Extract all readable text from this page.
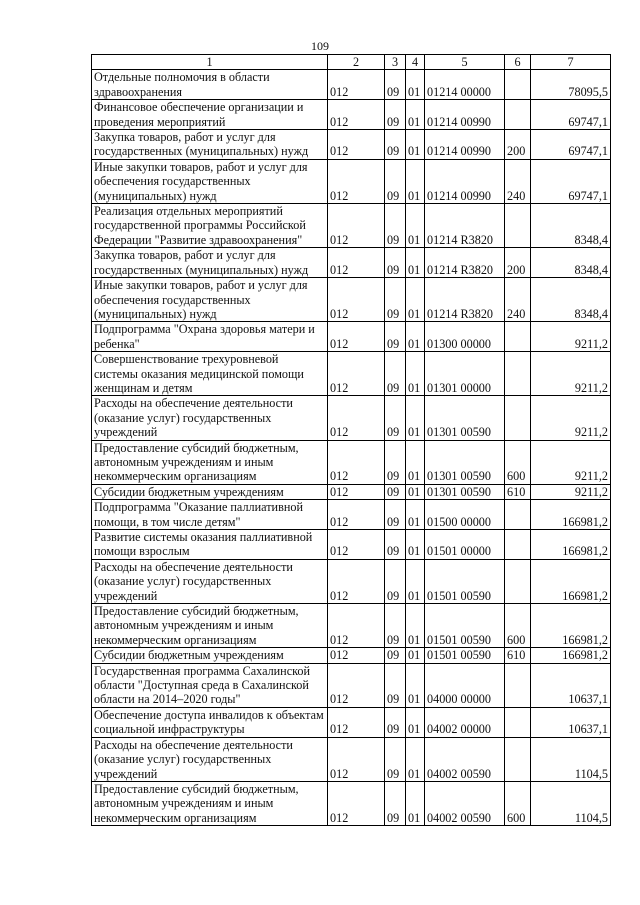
109
1	2	3	4	5	6	7
Отдельные полномочия в области здравоохранения	012	09	01	01214 00000		78095,5
Финансовое обеспечение организации и проведения мероприятий	012	09	01	01214 00990		69747,1
Закупка товаров, работ и услуг для государственных (муниципальных) нужд	012	09	01	01214 00990	200	69747,1
Иные закупки товаров, работ и услуг для обеспечения государственных (муниципальных) нужд	012	09	01	01214 00990	240	69747,1
Реализация отдельных мероприятий государственной программы Российской Федерации "Развитие здравоохранения"	012	09	01	01214 R3820		8348,4
Закупка товаров, работ и услуг для государственных (муниципальных) нужд	012	09	01	01214 R3820	200	8348,4
Иные закупки товаров, работ и услуг для обеспечения государственных (муниципальных) нужд	012	09	01	01214 R3820	240	8348,4
Подпрограмма "Охрана здоровья матери и ребенка"	012	09	01	01300 00000		9211,2
Совершенствование трехуровневой системы оказания медицинской помощи женщинам и детям	012	09	01	01301 00000		9211,2
Расходы на обеспечение деятельности (оказание услуг) государственных учреждений	012	09	01	01301 00590		9211,2
Предоставление субсидий бюджетным, автономным учреждениям и иным некоммерческим организациям	012	09	01	01301 00590	600	9211,2
Субсидии бюджетным учреждениям	012	09	01	01301 00590	610	9211,2
Подпрограмма "Оказание паллиативной помощи, в том числе детям"	012	09	01	01500 00000		166981,2
Развитие системы оказания паллиативной помощи взрослым	012	09	01	01501 00000		166981,2
Расходы на обеспечение деятельности (оказание услуг) государственных учреждений	012	09	01	01501 00590		166981,2
Предоставление субсидий бюджетным, автономным учреждениям и иным некоммерческим организациям	012	09	01	01501 00590	600	166981,2
Субсидии бюджетным учреждениям	012	09	01	01501 00590	610	166981,2
Государственная программа Сахалинской области "Доступная среда в Сахалинской области на 2014–2020 годы"	012	09	01	04000 00000		10637,1
Обеспечение доступа инвалидов к объектам социальной инфраструктуры	012	09	01	04002 00000		10637,1
Расходы на обеспечение деятельности (оказание услуг) государственных учреждений	012	09	01	04002 00590		1104,5
Предоставление субсидий бюджетным, автономным учреждениям и иным некоммерческим организациям	012	09	01	04002 00590	600	1104,5
